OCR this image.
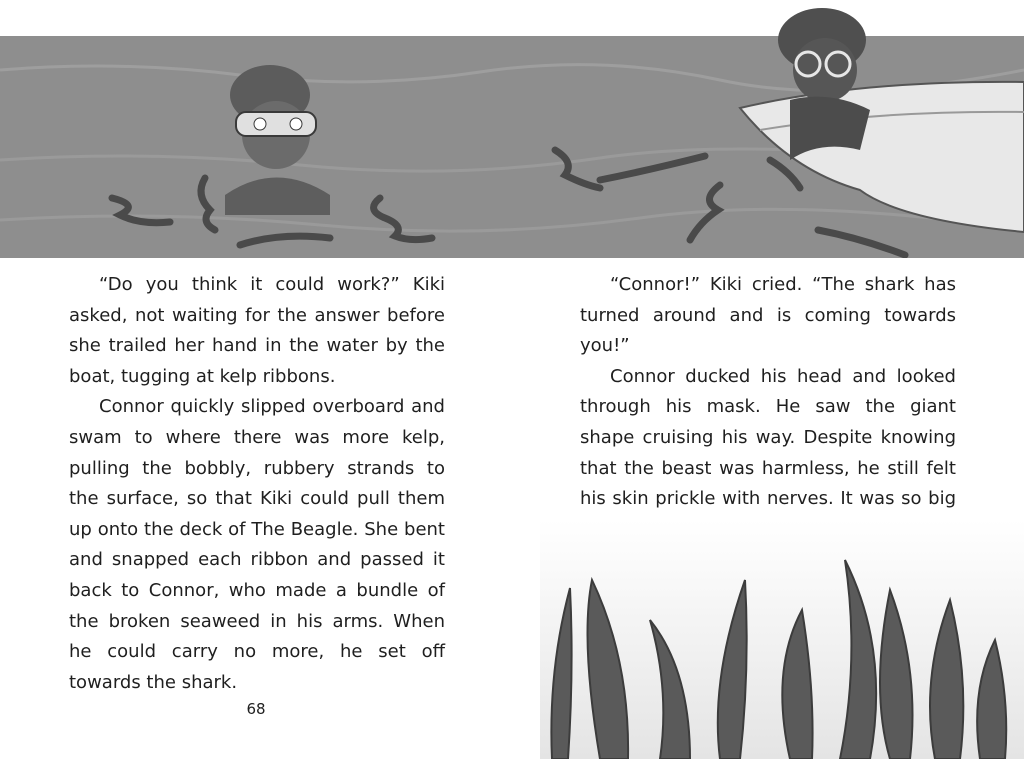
“Do you think it could work?” Kiki asked, not waiting for the answer before she trailed her hand in the water by the boat, tugging at kelp ribbons.

Connor quickly slipped overboard and swam to where there was more kelp, pulling the bobbly, rubbery strands to the surface, so that Kiki could pull them up onto the deck of The Beagle. She bent and snapped each ribbon and passed it back to Connor, who made a bundle of the broken seaweed in his arms. When he could carry no more, he set off towards the shark.

“Connor!” Kiki cried. “The shark has turned around and is coming towards you!”

Connor ducked his head and looked through his mask. He saw the giant shape cruising his way. Despite knowing that the beast was harmless, he still felt his skin prickle with nerves. It was so big

68
